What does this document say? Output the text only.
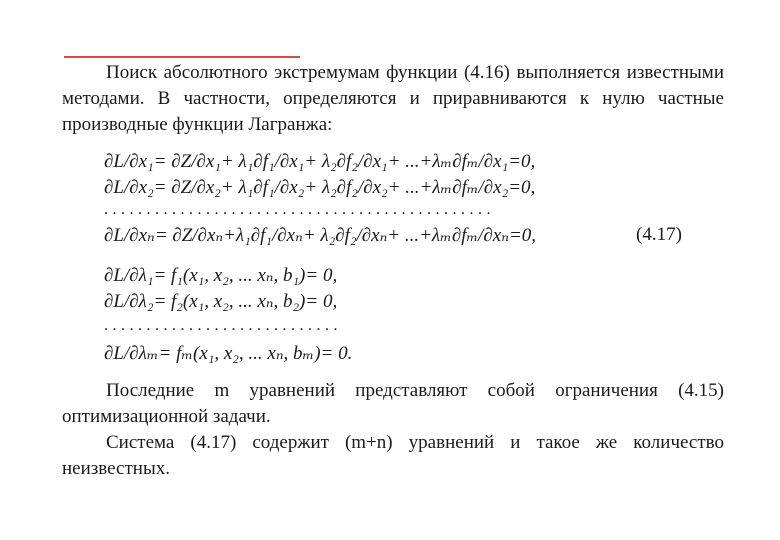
Поиск абсолютного экстремумам функции (4.16) выполняется известными методами. В частности, определяются и приравниваются к нулю частные производные функции Лагранжа:
∂L/∂x₁= ∂Z/∂x₁+ λ₁∂f₁/∂x₁+ λ₂∂f₂/∂x₁+ ...+λₘ∂fₘ/∂x₁=0,
∂L/∂x₂= ∂Z/∂x₂+ λ₁∂f₁/∂x₂+ λ₂∂f₂/∂x₂+ ...+λₘ∂fₘ/∂x₂=0,
..............................................
∂L/∂xₙ= ∂Z/∂xₙ+λ₁∂f₁/∂xₙ+ λ₂∂f₂/∂xₙ+ ...+λₘ∂fₘ/∂xₙ=0,	(4.17)
∂L/∂λ₁= f₁(x₁, x₂, ... xₙ, b₁)= 0,
∂L/∂λ₂= f₂(x₁, x₂, ... xₙ, b₂)= 0,
............................
∂L/∂λₘ= fₘ(x₁, x₂, ... xₙ, bₘ)= 0.
Последние m уравнений представляют собой ограничения (4.15) оптимизационной задачи.
Система (4.17) содержит (m+n) уравнений и такое же количество неизвестных.
